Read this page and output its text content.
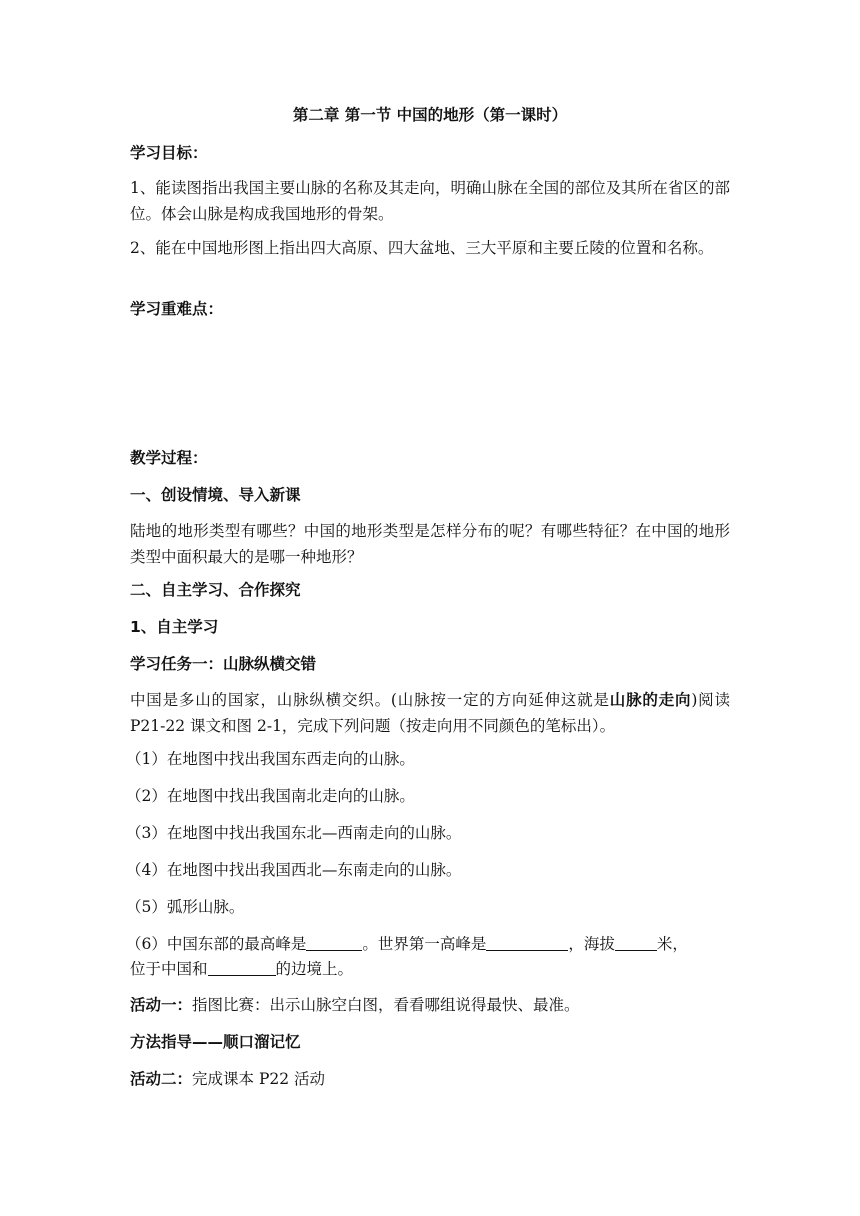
第二章 第一节 中国的地形（第一课时）
学习目标：
1、能读图指出我国主要山脉的名称及其走向，明确山脉在全国的部位及其所在省区的部位。体会山脉是构成我国地形的骨架。
2、能在中国地形图上指出四大高原、四大盆地、三大平原和主要丘陵的位置和名称。
学习重难点：
教学过程：
一、创设情境、导入新课
陆地的地形类型有哪些？中国的地形类型是怎样分布的呢？有哪些特征？在中国的地形类型中面积最大的是哪一种地形？
二、自主学习、合作探究
1、自主学习
学习任务一：山脉纵横交错
中国是多山的国家，山脉纵横交织。(山脉按一定的方向延伸这就是山脉的走向)阅读 P21-22 课文和图 2-1，完成下列问题（按走向用不同颜色的笔标出）。
（1）在地图中找出我国东西走向的山脉。
（2）在地图中找出我国南北走向的山脉。
（3）在地图中找出我国东北—西南走向的山脉。
（4）在地图中找出我国西北—东南走向的山脉。
（5）弧形山脉。
（6）中国东部的最高峰是	。世界第一高峰是	，海拔	米，
位于中国和	的边境上。
活动一：指图比赛：出示山脉空白图，看看哪组说得最快、最准。
方法指导——顺口溜记忆
活动二：完成课本 P22 活动
